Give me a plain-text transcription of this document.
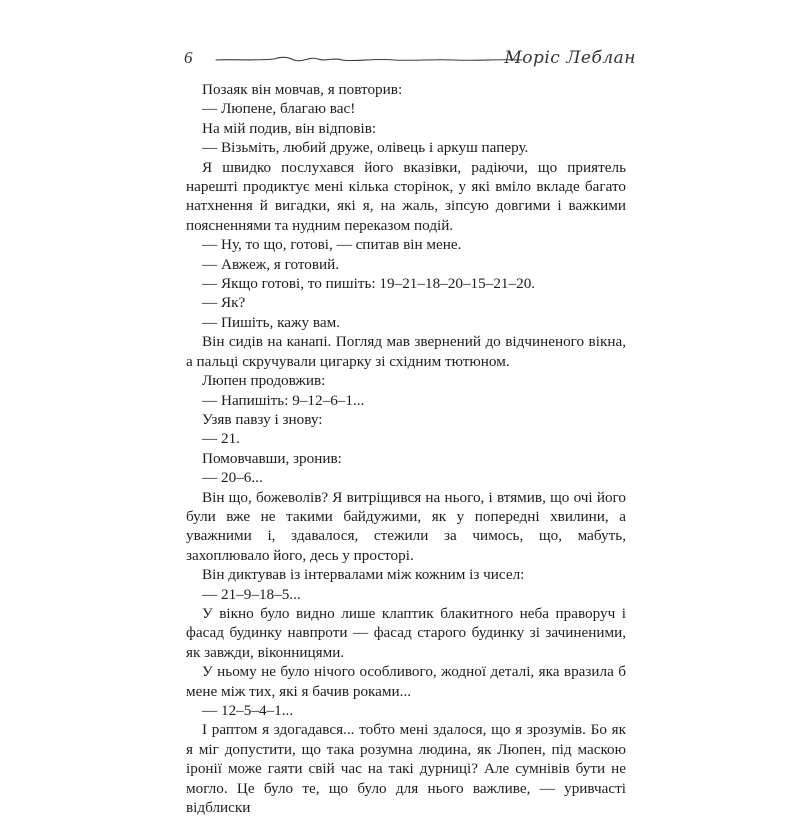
6	Моріс Леблан

Позаяк він мовчав, я повторив:

— Люпене, благаю вас!

На мій подив, він відповів:

— Візьміть, любий друже, олівець і аркуш паперу.

Я швидко послухався його вказівки, радіючи, що приятель нарешті продиктує мені кілька сторінок, у які вміло вкладе багато натхнення й вигадки, які я, на жаль, зіпсую довгими і важкими поясненнями та нудним переказом подій.

— Ну, то що, готові, — спитав він мене.

— Авжеж, я готовий.

— Якщо готові, то пишіть: 19–21–18–20–15–21–20.

— Як?

— Пишіть, кажу вам.

Він сидів на канапі. Погляд мав звернений до відчиненого вікна, а пальці скручували цигарку зі східним тютюном.

Люпен продовжив:

— Напишіть: 9–12–6–1...

Узяв павзу і знову:

— 21.

Помовчавши, зронив:

— 20–6...

Він що, божеволів? Я витріщився на нього, і втямив, що очі його були вже не такими байдужими, як у попередні хвилини, а уважними і, здавалося, стежили за чимось, що, мабуть, захоплювало його, десь у просторі.

Він диктував із інтервалами між кожним із чисел:

— 21–9–18–5...

У вікно було видно лише клаптик блакитного неба праворуч і фасад будинку навпроти — фасад старого будинку зі зачиненими, як завжди, віконницями.

У ньому не було нічого особливого, жодної деталі, яка вразила б мене між тих, які я бачив роками...

— 12–5–4–1...

І раптом я здогадався... тобто мені здалося, що я зрозумів. Бо як я міг допустити, що така розумна людина, як Люпен, під маскою іронії може гаяти свій час на такі дурниці? Але сумнівів бути не могло. Це було те, що було для нього важливе, — уривчасті відблиски
